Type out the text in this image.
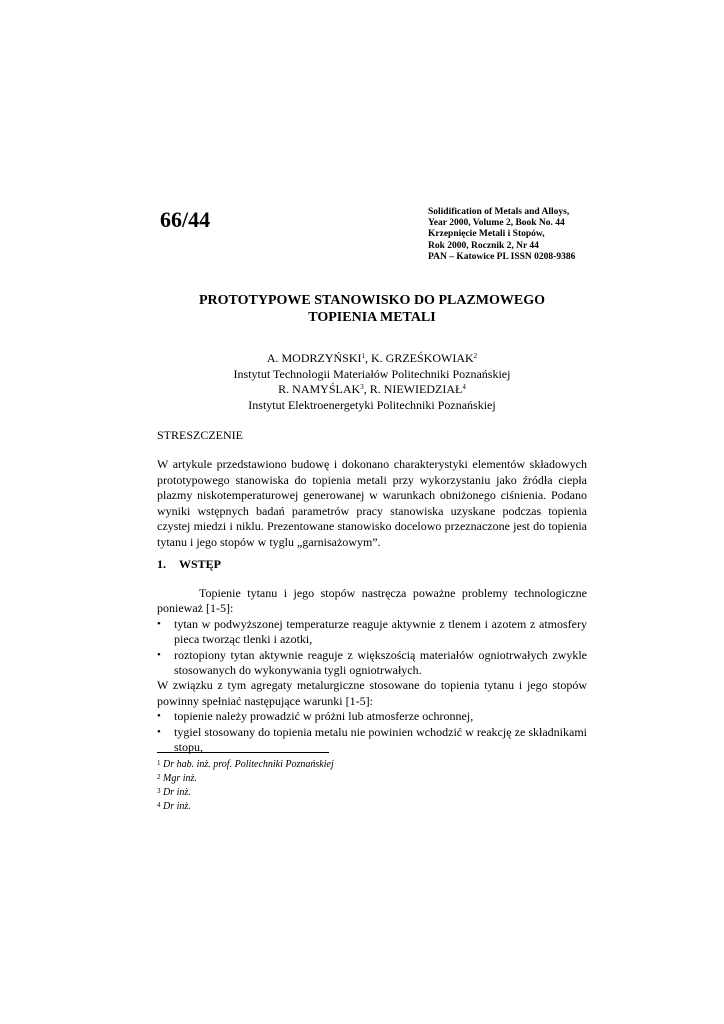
66/44	Solidification of Metals and Alloys,
Year 2000, Volume 2, Book No. 44
Krzepnięcie Metali i Stopów,
Rok 2000, Rocznik 2, Nr 44
PAN – Katowice PL ISSN 0208-9386
PROTOTYPOWE STANOWISKO DO PLAZMOWEGO
TOPIENIA METALI
A. MODRZYŃSKI$^1$, K. GRZEŚKOWIAK$^2$
Instytut Technologii Materiałów Politechniki Poznańskiej
R. NAMYŚLAK$^3$, R. NIEWIEDZIAŁ$^4$
Instytut Elektroenergetyki Politechniki Poznańskiej
STRESZCZENIE
W artykule przedstawiono budowę i dokonano charakterystyki elementów składowych prototypowego stanowiska do topienia metali przy wykorzystaniu jako źródła ciepła plazmy niskotemperaturowej generowanej w warunkach obniżonego ciśnienia. Podano wyniki wstępnych badań parametrów pracy stanowiska uzyskane podczas topienia czystej miedzi i niklu. Prezentowane stanowisko docelowo przeznaczone jest do topienia tytanu i jego stopów w tyglu „garnisażowym”.
1. WSTĘP
Topienie tytanu i jego stopów nastręcza poważne problemy technologiczne ponieważ [1-5]:
• tytan w podwyższonej temperaturze reaguje aktywnie z tlenem i azotem z atmosfery pieca tworząc tlenki i azotki,
• roztopiony tytan aktywnie reaguje z większością materiałów ogniotrwałych zwykle stosowanych do wykonywania tygli ogniotrwałych.
W związku z tym agregaty metalurgiczne stosowane do topienia tytanu i jego stopów powinny spełniać następujące warunki [1-5]:
• topienie należy prowadzić w próżni lub atmosferze ochronnej,
• tygiel stosowany do topienia metalu nie powinien wchodzić w reakcję ze składnikami stopu,
$^1$ Dr hab. inż. prof. Politechniki Poznańskiej
$^2$ Mgr inż.
$^3$ Dr inż.
$^4$ Dr inż.
